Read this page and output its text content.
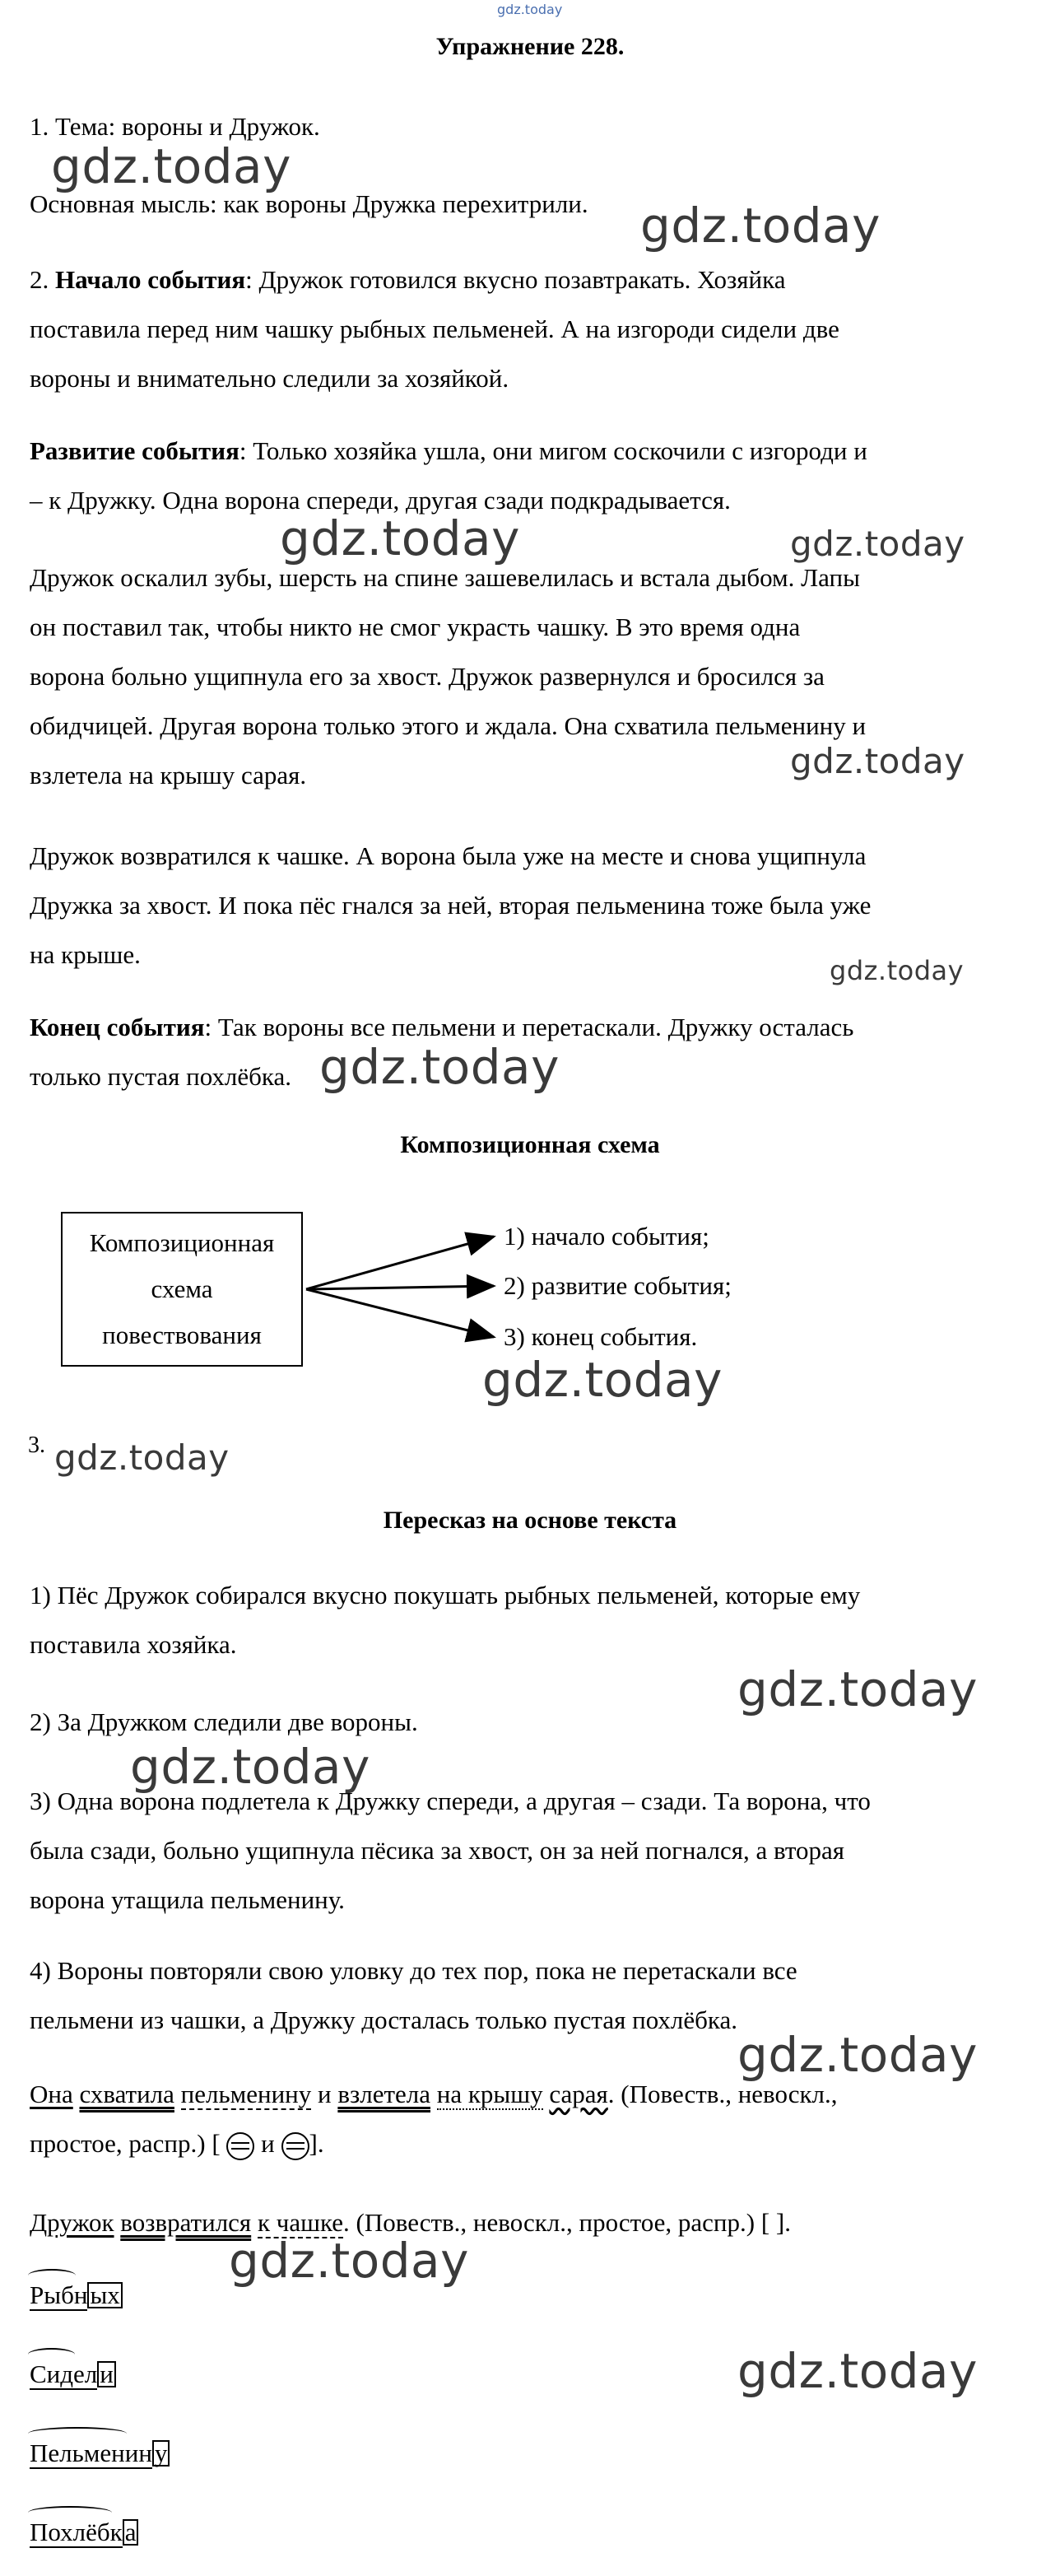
gdz.today
Упражнение 228.
1. Тема: вороны и Дружок.
gdz.today
Основная мысль: как вороны Дружка перехитрили.	gdz.today
2. Начало события: Дружок готовился вкусно позавтракать. Хозяйка
поставила перед ним чашку рыбных пельменей. А на изгороди сидели две
вороны и внимательно следили за хозяйкой.
Развитие события: Только хозяйка ушла, они мигом соскочили с изгороди и
– к Дружку. Одна ворона спереди, другая сзади подкрадывается.
gdz.today	gdz.today
Дружок оскалил зубы, шерсть на спине зашевелилась и встала дыбом. Лапы
он поставил так, чтобы никто не смог украсть чашку. В это время одна
ворона больно ущипнула его за хвост. Дружок развернулся и бросился за
обидчицей. Другая ворона только этого и ждала. Она схватила пельменину и
взлетела на крышу сарая.	gdz.today
Дружок возвратился к чашке. А ворона была уже на месте и снова ущипнула
Дружка за хвост. И пока пёс гнался за ней, вторая пельменина тоже была уже
на крыше.
gdz.today
Конец события: Так вороны все пельмени и перетаскали. Дружку осталась
только пустая похлёбка. gdz.today
Композиционная схема
Композиционная
схема
повествования
1) начало события;
2) развитие события;
3) конец события.
gdz.today
3. gdz.today
Пересказ на основе текста
1) Пёс Дружок собирался вкусно покушать рыбных пельменей, которые ему
поставила хозяйка.
gdz.today
2) За Дружком следили две вороны.
gdz.today
3) Одна ворона подлетела к Дружку спереди, а другая – сзади. Та ворона, что
была сзади, больно ущипнула пёсика за хвост, он за ней погнался, а вторая
ворона утащила пельменину.
4) Вороны повторяли свою уловку до тех пор, пока не перетаскали все
пельмени из чашки, а Дружку досталась только пустая похлёбка.
gdz.today
Она схватила пельменину и взлетела на крышу сарая. (Повеств., невоскл.,
простое, распр.) [ и ].
Дружок возвратился к чашке. (Повеств., невоскл., простое, распр.) [ ].
gdz.today
Рыбных
Сидели	gdz.today
Пельменину
Похлёбка
